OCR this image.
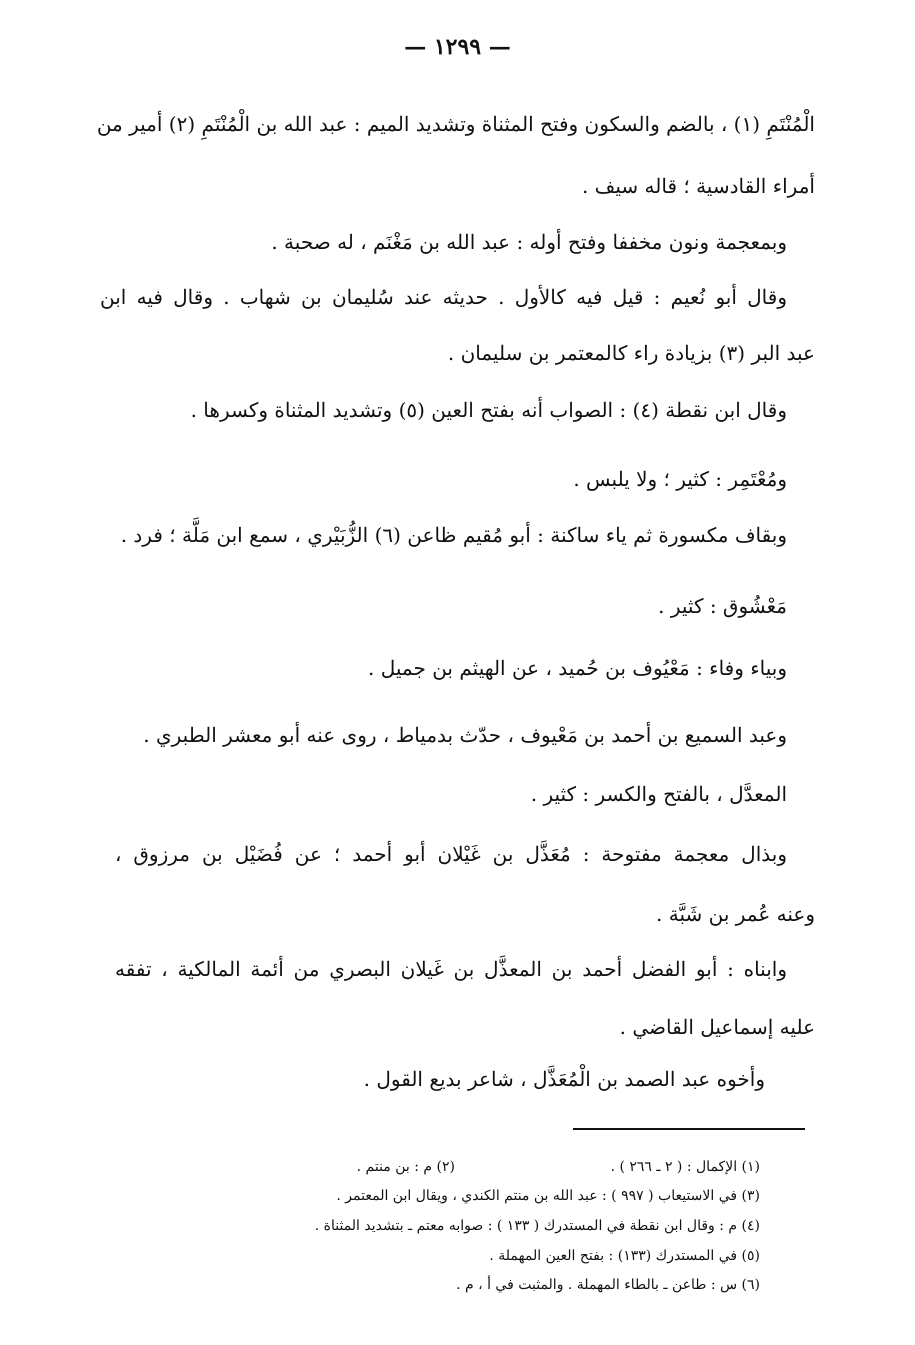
— ١٢٩٩ —
الْمُنْتَمِ (١) ، بالضم والسكون وفتح المثناة وتشديد الميم : عبد الله بن الْمُنْتَمِ (٢) أمير من
أمراء القادسية ؛ قاله سيف .
وبمعجمة ونون مخففا وفتح أوله : عبد الله بن مَغْنَم ، له صحبة .
وقال أبو نُعيم : قيل فيه كالأول . حديثه عند سُليمان بن شهاب . وقال فيه ابن
عبد البر (٣) بزيادة راء كالمعتمر بن سليمان .
وقال ابن نقطة (٤) : الصواب أنه بفتح العين (٥) وتشديد المثناة وكسرها .
ومُعْتَمِر : كثير ؛ ولا يلبس .
وبقاف مكسورة ثم ياء ساكنة : أبو مُقيم ظاعن (٦) الزُّبَيْري ، سمع ابن مَلَّة ؛ فرد .
مَعْشُوق : كثير .
وبياء وفاء : مَعْيُوف بن حُميد ، عن الهيثم بن جميل .
وعبد السميع بن أحمد بن مَعْيوف ، حدّث بدمياط ، روى عنه أبو معشر الطبري .
المعدَّل ، بالفتح والكسر : كثير .
وبذال معجمة مفتوحة : مُعَذَّل بن غَيْلان أبو أحمد ؛ عن فُضَيْل بن مرزوق ،
وعنه عُمر بن شَبَّة .
وابناه : أبو الفضل أحمد بن المعذَّل بن غَيلان البصري من أئمة المالكية ، تفقه
عليه إسماعيل القاضي .
وأخوه عبد الصمد بن الْمُعَذَّل ، شاعر بديع القول .
(١) الإكمال : ( ٢ ـ ٢٦٦ ) .
(٢) م : بن منتم .
(٣) في الاستيعاب ( ٩٩٧ ) : عبد الله بن منتم الكندي ، ويقال ابن المعتمر .
(٤) م : وقال ابن نقطة في المستدرك ( ١٣٣ ) : صوابه معتم ـ بتشديد المثناة .
(٥) في المستدرك (١٣٣) : بفتح العين المهملة .
(٦) س : طاعن ـ بالطاء المهملة . والمثبت في أ ، م .
